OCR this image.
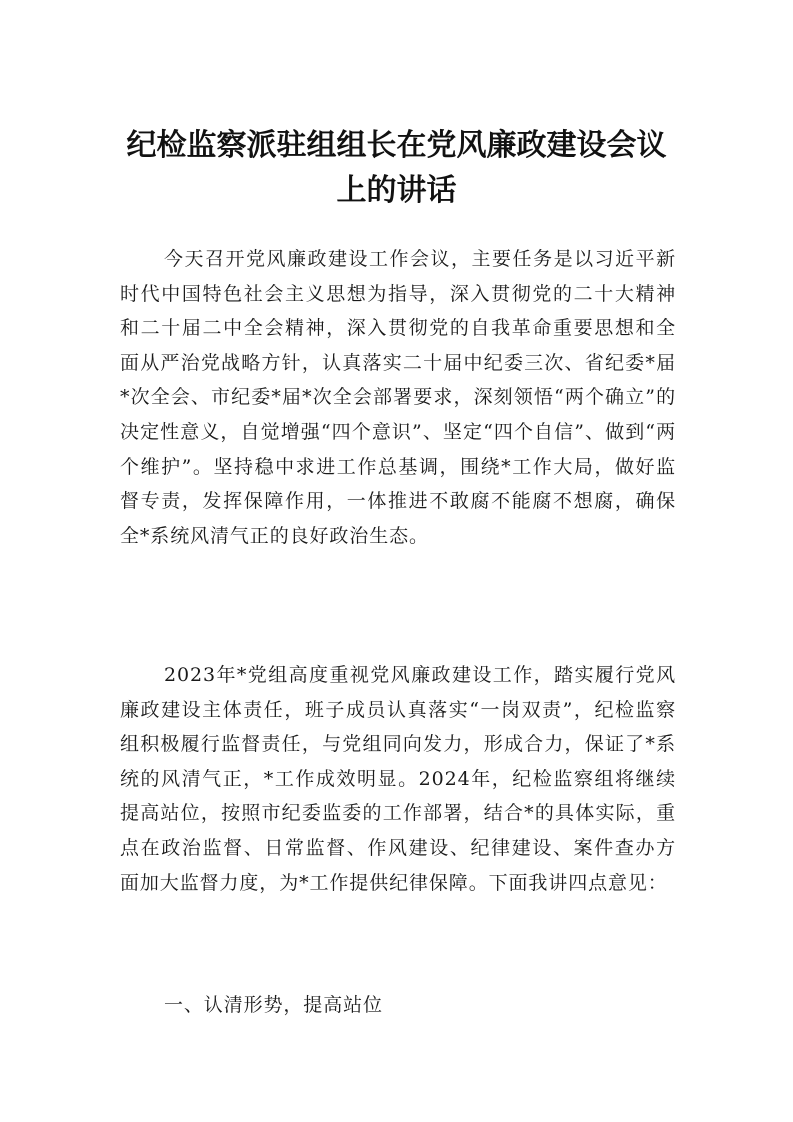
纪检监察派驻组组长在党风廉政建设会议
上的讲话
今天召开党风廉政建设工作会议，主要任务是以习近平新时代中国特色社会主义思想为指导，深入贯彻党的二十大精神和二十届二中全会精神，深入贯彻党的自我革命重要思想和全面从严治党战略方针，认真落实二十届中纪委三次、省纪委*届*次全会、市纪委*届*次全会部署要求，深刻领悟“两个确立”的决定性意义，自觉增强“四个意识”、坚定“四个自信”、做到“两个维护”。坚持稳中求进工作总基调，围绕*工作大局，做好监督专责，发挥保障作用，一体推进不敢腐不能腐不想腐，确保全*系统风清气正的良好政治生态。
2023年*党组高度重视党风廉政建设工作，踏实履行党风廉政建设主体责任，班子成员认真落实“一岗双责”，纪检监察组积极履行监督责任，与党组同向发力，形成合力，保证了*系统的风清气正，*工作成效明显。2024年，纪检监察组将继续提高站位，按照市纪委监委的工作部署，结合*的具体实际，重点在政治监督、日常监督、作风建设、纪律建设、案件查办方面加大监督力度，为*工作提供纪律保障。下面我讲四点意见：
一、认清形势，提高站位
